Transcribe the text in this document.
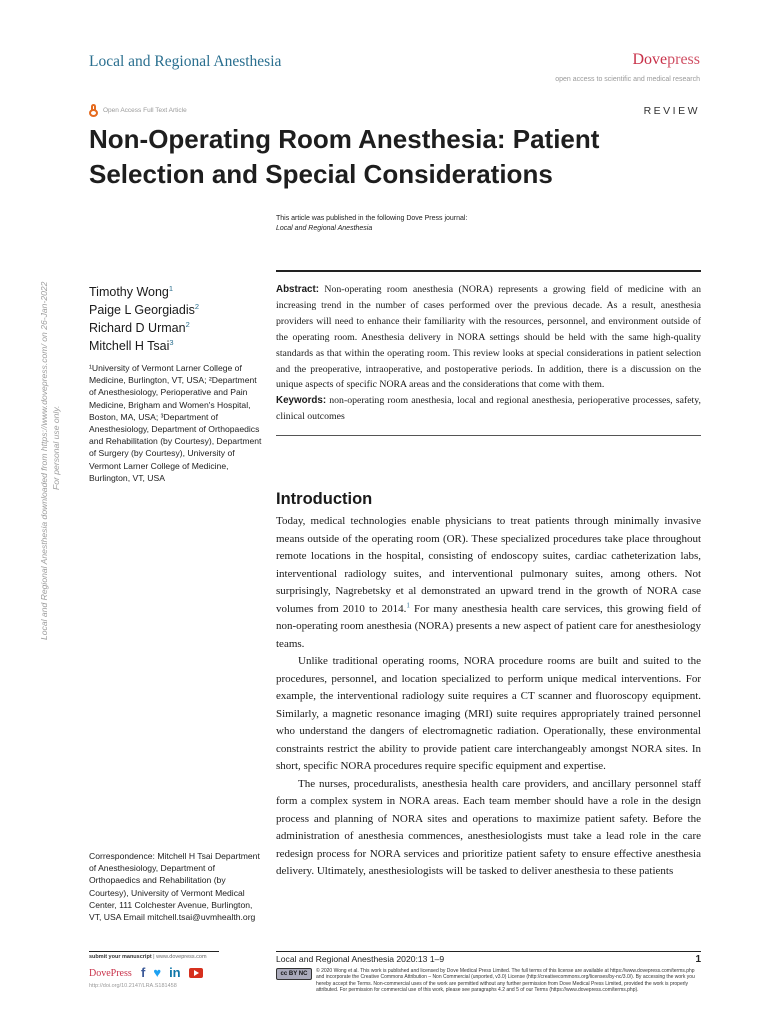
Local and Regional Anesthesia	Dovepress
open access to scientific and medical research
Open Access Full Text Article	REVIEW
Non-Operating Room Anesthesia: Patient Selection and Special Considerations
This article was published in the following Dove Press journal:
Local and Regional Anesthesia
Local and Regional Anesthesia downloaded from https://www.dovepress.com/ on 26-Jan-2022 For personal use only.
Timothy Wong$^1$
Paige L Georgiadis$^2$
Richard D Urman$^2$
Mitchell H Tsai$^3$
¹University of Vermont Larner College of Medicine, Burlington, VT, USA; ²Department of Anesthesiology, Perioperative and Pain Medicine, Brigham and Women's Hospital, Boston, MA, USA; ³Department of Anesthesiology, Department of Orthopaedics and Rehabilitation (by Courtesy), Department of Surgery (by Courtesy), University of Vermont Larner College of Medicine, Burlington, VT, USA

Abstract: Non-operating room anesthesia (NORA) represents a growing field of medicine with an increasing trend in the number of cases performed over the previous decade. As a result, anesthesia providers will need to enhance their familiarity with the resources, personnel, and environment outside of the operating room. Anesthesia delivery in NORA settings should be held with the same high-quality standards as that within the operating room. This review looks at special considerations in patient selection and the preoperative, intraoperative, and postoperative periods. In addition, there is a discussion on the unique aspects of specific NORA areas and the considerations that come with them.

Keywords: non-operating room anesthesia, local and regional anesthesia, perioperative processes, safety, clinical outcomes

Introduction

Today, medical technologies enable physicians to treat patients through minimally invasive means outside of the operating room (OR). These specialized procedures take place throughout remote locations in the hospital, consisting of endoscopy suites, cardiac catheterization labs, interventional radiology suites, and interventional pulmonary suites, among others. Not surprisingly, Nagrebetsky et al demonstrated an upward trend in the growth of NORA case volumes from 2010 to 2014.$^1$ For many anesthesia health care services, this growing field of non-operating room anesthesia (NORA) presents a new aspect of patient care for anesthesiology teams.

Unlike traditional operating rooms, NORA procedure rooms are built and suited to the procedures, personnel, and location specialized to perform unique medical interventions. For example, the interventional radiology suite requires a CT scanner and fluoroscopy equipment. Similarly, a magnetic resonance imaging (MRI) suite requires appropriately trained personnel who understand the dangers of electromagnetic radiation. Operationally, these environmental constraints restrict the ability to provide patient care interchangeably amongst NORA sites. In short, specific NORA procedures require specific equipment and expertise.

The nurses, proceduralists, anesthesia health care providers, and ancillary personnel staff form a complex system in NORA areas. Each team member should have a role in the design process and planning of NORA sites and operations to maximize patient safety. Before the administration of anesthesia commences, anesthesiologists must take a lead role in the care redesign process for NORA services and prioritize patient safety to ensure effective anesthesia delivery. Ultimately, anesthesiologists will be tasked to deliver anesthesia to these patients

Correspondence: Mitchell H Tsai Department of Anesthesiology, Department of Orthopaedics and Rehabilitation (by Courtesy), University of Vermont Medical Center, 111 Colchester Avenue, Burlington, VT, USA Email mitchell.tsai@uvmhealth.org
submit your manuscript | www.dovepress.com
DovePress f ♥ in
http://doi.org/10.2147/LRA.S181458
Local and Regional Anesthesia 2020:13 1–9	1
cc BY NC	© 2020 Wong et al. This work is published and licensed by Dove Medical Press Limited. The full terms of this license are available at https://www.dovepress.com/terms.php and incorporate the Creative Commons Attribution – Non Commercial (unported, v3.0) License (http://creativecommons.org/licenses/by-nc/3.0/). By accessing the work you hereby accept the Terms. Non-commercial uses of the work are permitted without any further permission from Dove Medical Press Limited, provided the work is properly attributed. For permission for commercial use of this work, please see paragraphs 4.2 and 5 of our Terms (https://www.dovepress.com/terms.php).
